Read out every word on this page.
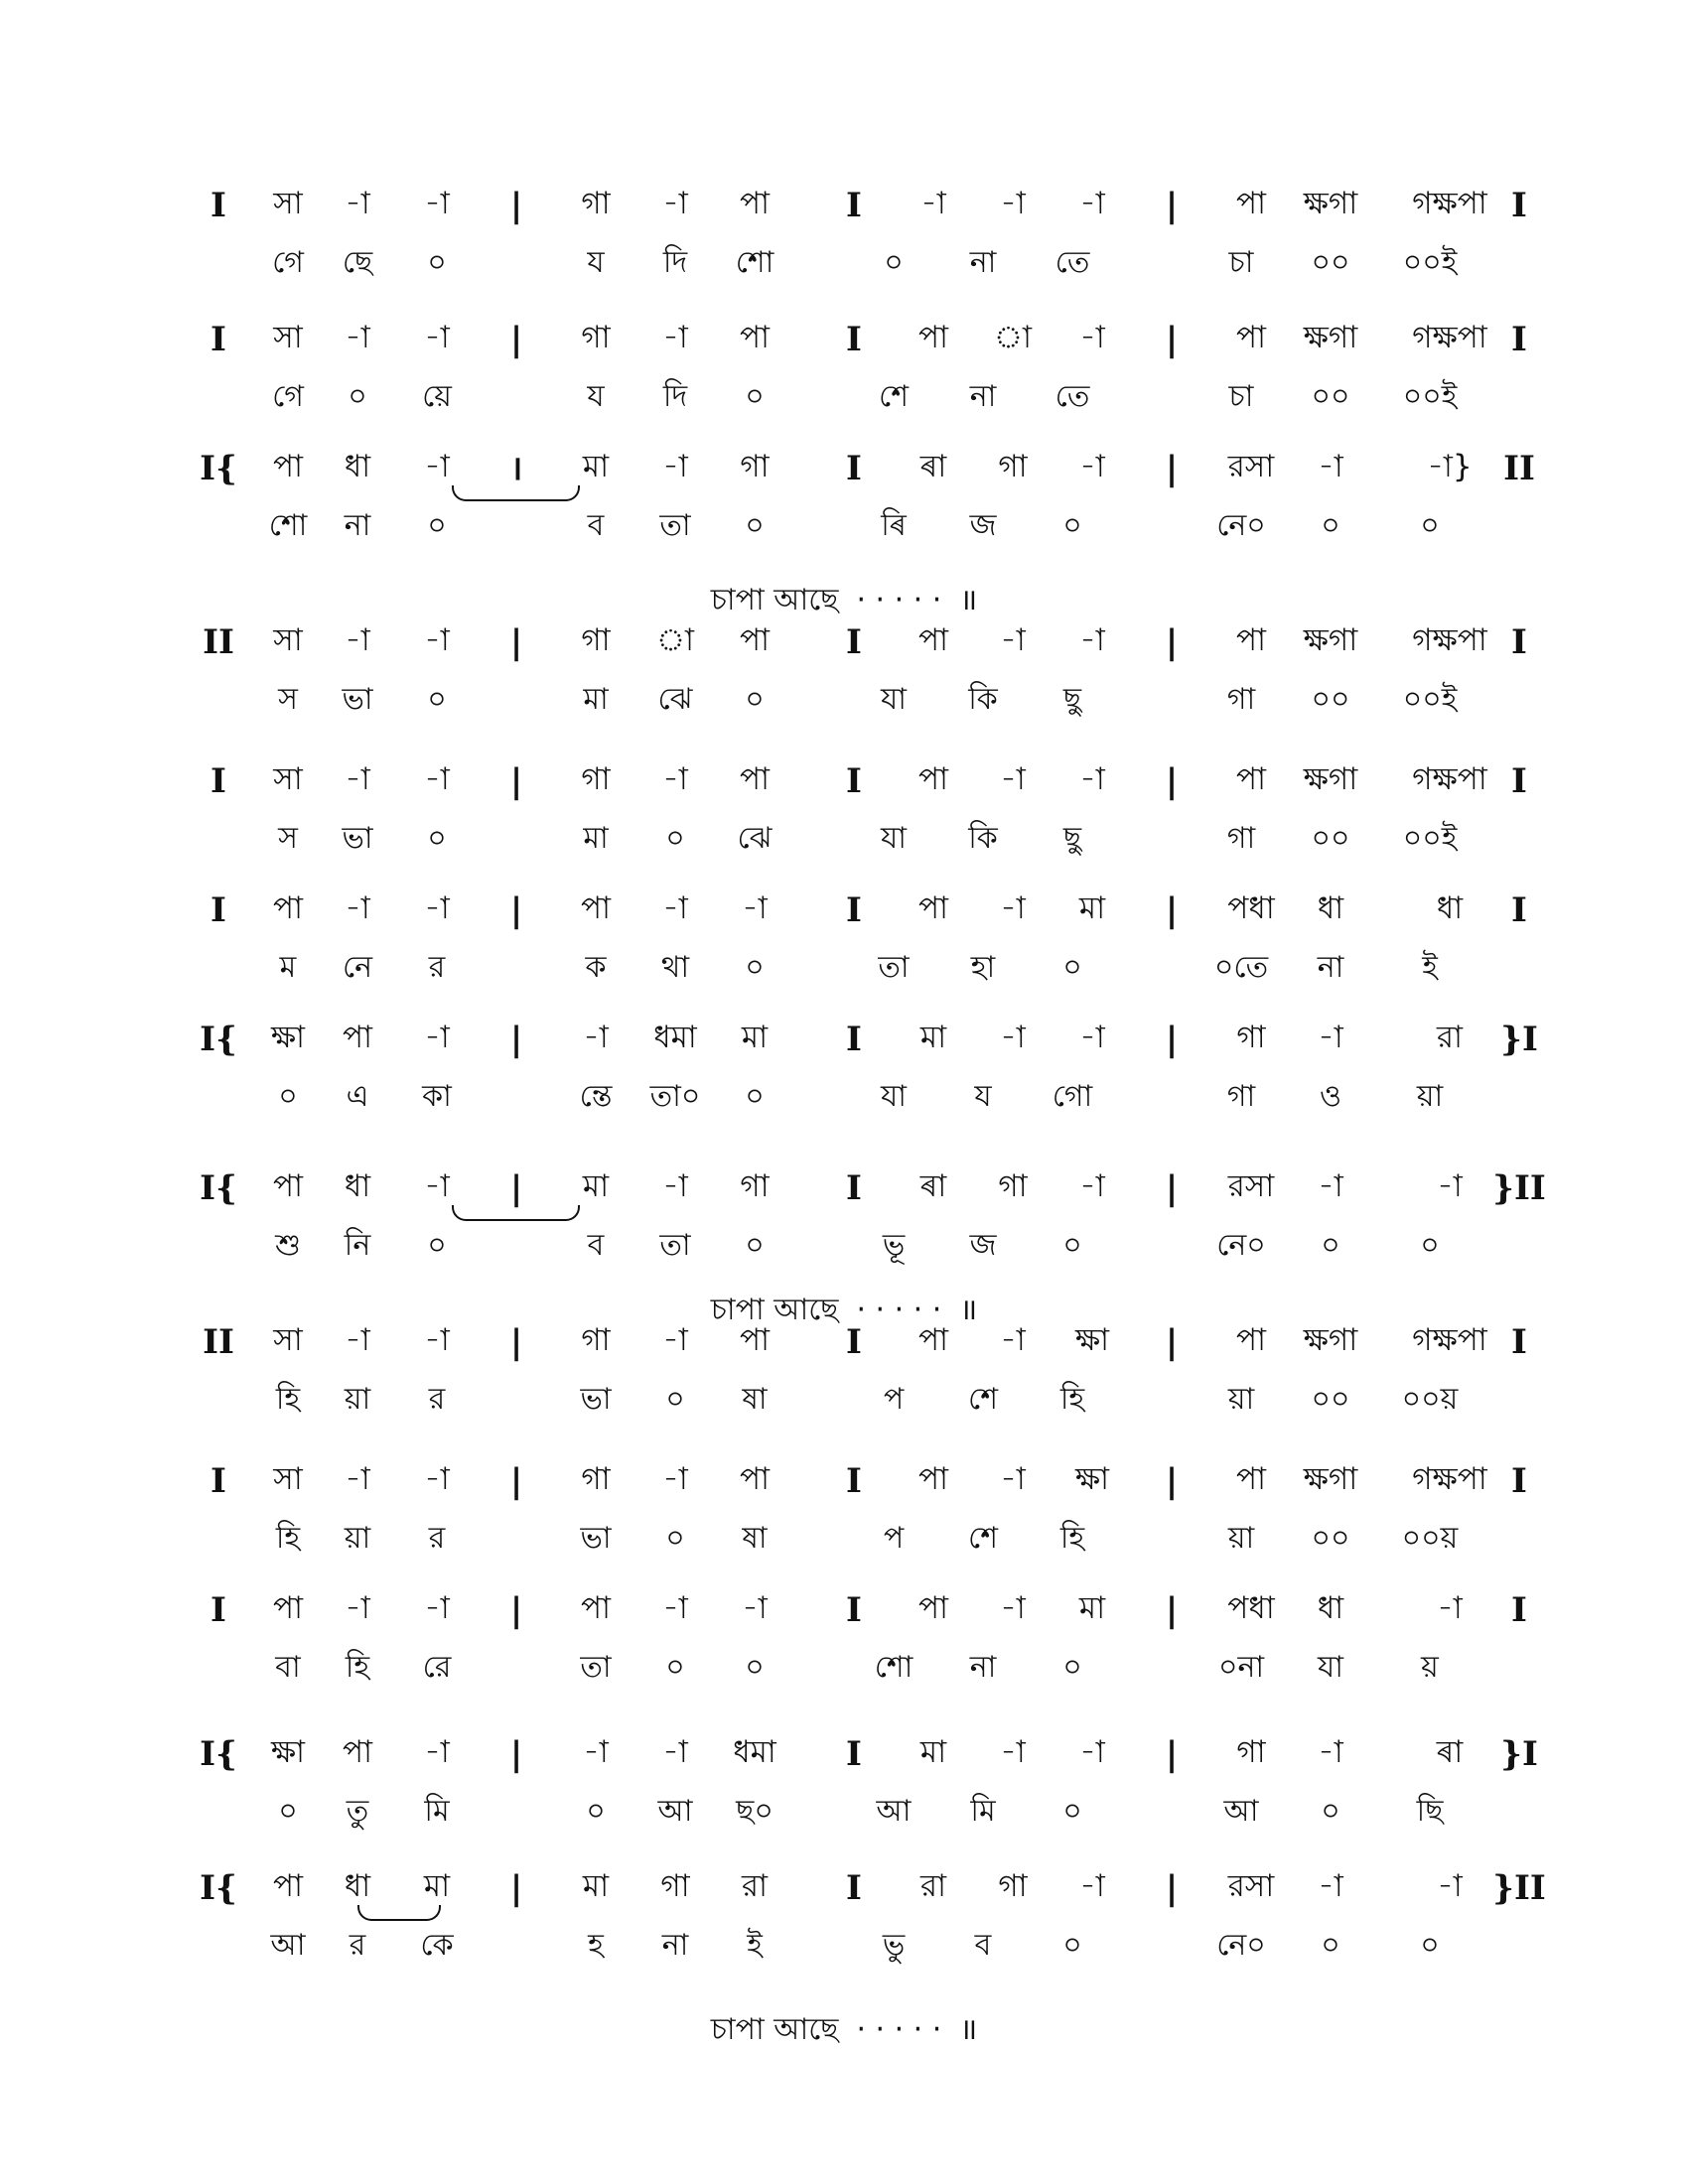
I সা -া -া | গা -া পা I -া -া -া | পা ক্ষগা গক্ষপা I
গে ছে ০	য দি শো	০ না তে	চা ০০ ০০ই
I সা -া -া | গা -া পা I পা া -া | পা ক্ষগা গক্ষপা I
গে ০ য়ে	য দি ০	শে না তে	চা ০০ ০০ই
I{ পা ধা -া । মা -া গা I ৰা গা -া | রসা -া	-া} II
শো না ০	ব তা ০	ৰি জ ০	নে০ ০	০
II সা -া -া | গা া পা I পা -া -া | পা ক্ষগা গক্ষপা I
স ভা ০	মা ঝে ০	যা কি ছু	গা ০০ ০০ই
I সা -া -া | গা -া পা I পা -া -া | পা ক্ষগা গক্ষপা I
স ভা ০	মা ০ ঝে	যা কি ছু	গা ০০ ০০ই
I পা -া -া | পা -া -া I পা -া মা | পধা ধা	ধা I
ম নে র	ক থা ০	তা হা ০	০তে না	ই
I{ ক্ষা পা -া | -া ধমা মা I মা -া -া | গা -া	রা }I
০ এ কা	ন্তে তা০ ০	যা য গো	গা ও	য়া
I{ পা ধা -া | মা -া গা I ৰা গা -া | রসা -া	-া }II
শু নি ০	ব তা ০	ভূ জ ০	নে০ ০	০
II সা -া -া | গা -া পা I পা -া ক্ষা | পা ক্ষগা গক্ষপা I
হি য়া র	ভা ০ ষা	প শে হি	য়া ০০ ০০য়
I সা -া -া | গা -া পা I পা -া ক্ষা | পা ক্ষগা গক্ষপা I
হি য়া র	ভা ০ ষা	প শে হি	য়া ০০ ০০য়
I পা -া -া | পা -া -া I পা -া মা | পধা ধা	-া I
বা হি রে	তা ০ ০	শো না ০	০না যা	য়
I{ ক্ষা পা -া | -া -া ধমা I মা -া -া | গা -া	ৰা }I
০ তু মি	০ আ ছ০	আ মি ০	আ ০	ছি
I{ পা ধা মা | মা গা রা I রা গা -া | রসা -া	-া }II
আ র কে	হ না ই	ভু ব ০	নে০ ০	০
চাপা আছে · · · · · ॥
চাপা আছে · · · · · ॥
চাপা আছে · · · · · ॥
